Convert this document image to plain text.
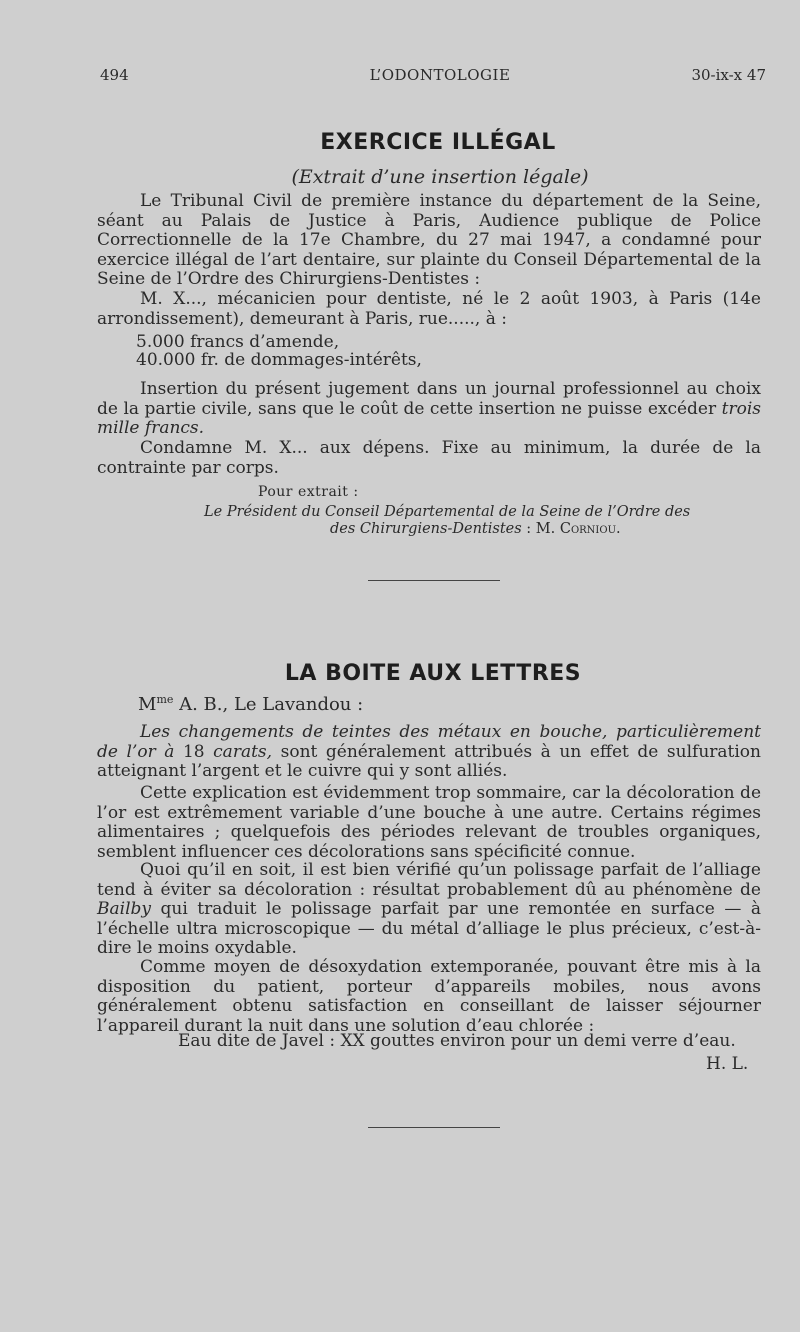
494	L’ODONTOLOGIE	30-ix-x 47
EXERCICE ILLÉGAL
(Extrait d’une insertion légale)

Le Tribunal Civil de première instance du département de la Seine, séant au Palais de Justice à Paris, Audience publique de Police Correctionnelle de la 17e Chambre, du 27 mai 1947, a condamné pour exercice illégal de l’art dentaire, sur plainte du Conseil Départemental de la Seine de l’Ordre des Chirurgiens-Dentistes :

M. X..., mécanicien pour dentiste, né le 2 août 1903, à Paris (14e arrondissement), demeurant à Paris, rue....., à :

5.000 francs d’amende,
40.000 fr. de dommages-intérêts,

Insertion du présent jugement dans un journal professionnel au choix de la partie civile, sans que le coût de cette insertion ne puisse excéder trois mille francs.

Condamne M. X... aux dépens. Fixe au minimum, la durée de la contrainte par corps.

Pour extrait :
Le Président du Conseil Départemental de la Seine de l’Ordre des
des Chirurgiens-Dentistes : M. Corniou.
LA BOITE AUX LETTRES
$M^{me}$ A. B., Le Lavandou :

Les changements de teintes des métaux en bouche, particulièrement de l’or à 18 carats, sont généralement attribués à un effet de sulfuration atteignant l’argent et le cuivre qui y sont alliés.

Cette explication est évidemment trop sommaire, car la décoloration de l’or est extrêmement variable d’une bouche à une autre. Certains régimes alimentaires ; quelquefois des périodes relevant de troubles organiques, semblent influencer ces décolorations sans spécificité connue.

Quoi qu’il en soit, il est bien vérifié qu’un polissage parfait de l’alliage tend à éviter sa décoloration : résultat probablement dû au phénomène de Bailby qui traduit le polissage parfait par une remontée en surface — à l’échelle ultra microscopique — du métal d’alliage le plus précieux, c’est-à-dire le moins oxydable.

Comme moyen de désoxydation extemporanée, pouvant être mis à la disposition du patient, porteur d’appareils mobiles, nous avons généralement obtenu satisfaction en conseillant de laisser séjourner l’appareil durant la nuit dans une solution d’eau chlorée :

Eau dite de Javel : XX gouttes environ pour un demi verre d’eau.
H. L.
